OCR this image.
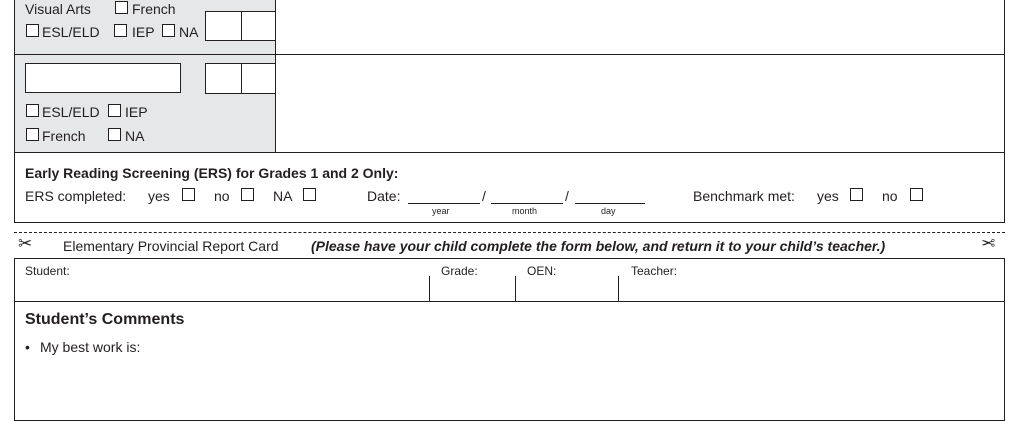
Visual Arts	French
ESL/ELD IEP NA
ESL/ELD IEP
French	NA
Early Reading Screening (ERS) for Grades 1 and 2 Only:
ERS completed: yes	no	NA	Date:	/	/
year	month	day
Benchmark met: yes	no
✂ Elementary Provincial Report Card (Please have your child complete the form below, and return it to your child’s teacher.)	✂
Student:	Grade:	OEN:	Teacher:
Student’s Comments
• My best work is:
